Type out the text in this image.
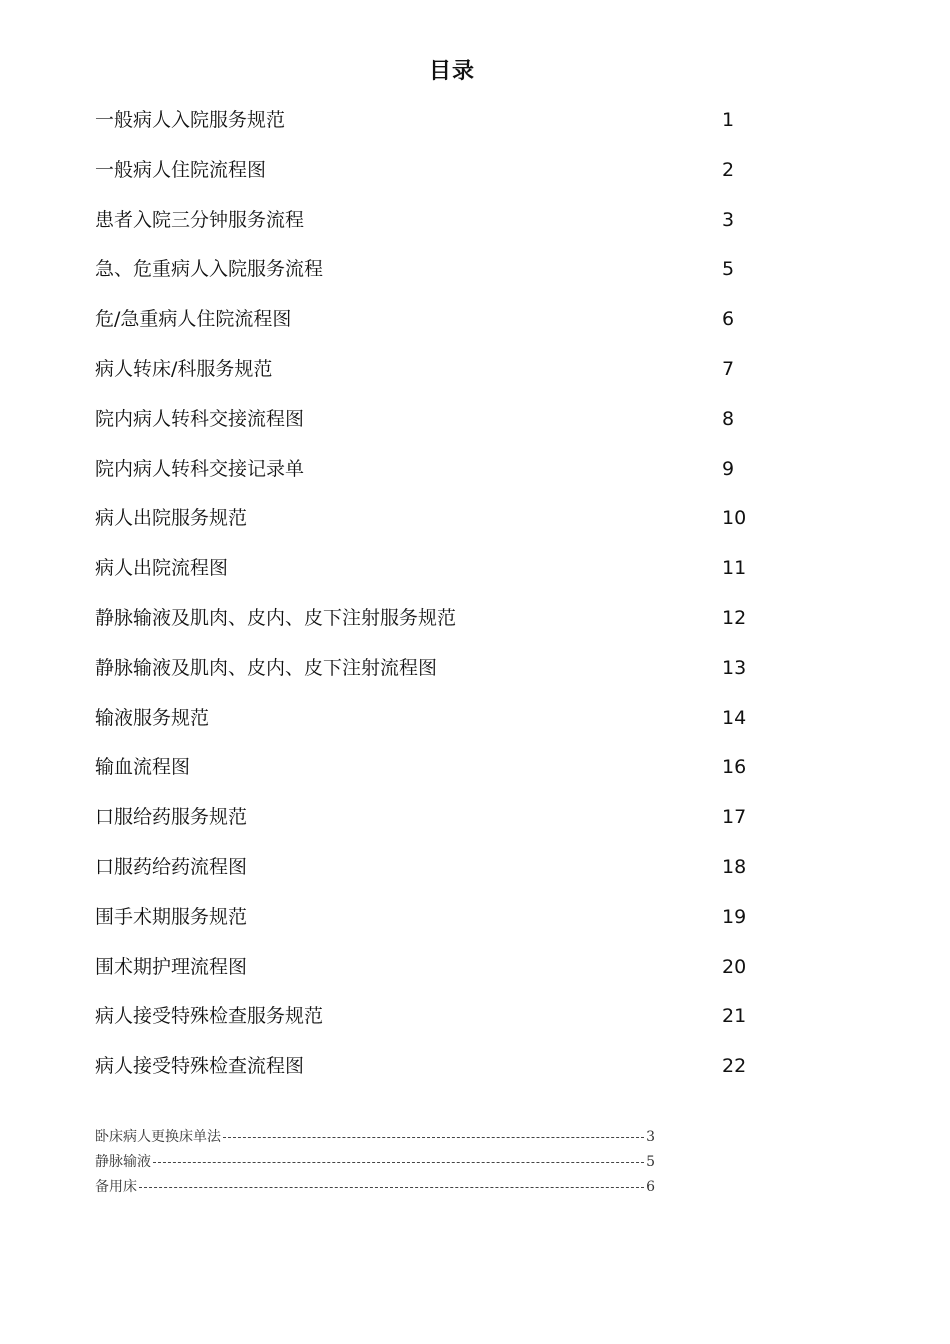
目录
一般病人入院服务规范	1
一般病人住院流程图	2
患者入院三分钟服务流程	3
急、危重病人入院服务流程	5
危/急重病人住院流程图	6
病人转床/科服务规范	7
院内病人转科交接流程图	8
院内病人转科交接记录单	9
病人出院服务规范	10
病人出院流程图	11
静脉输液及肌肉、皮内、皮下注射服务规范	12
静脉输液及肌肉、皮内、皮下注射流程图	13
输液服务规范	14
输血流程图	16
口服给药服务规范	17
口服药给药流程图	18
围手术期服务规范	19
围术期护理流程图	20
病人接受特殊检查服务规范	21
病人接受特殊检查流程图	22
卧床病人更换床单法	3
静脉输液	5
备用床	6
